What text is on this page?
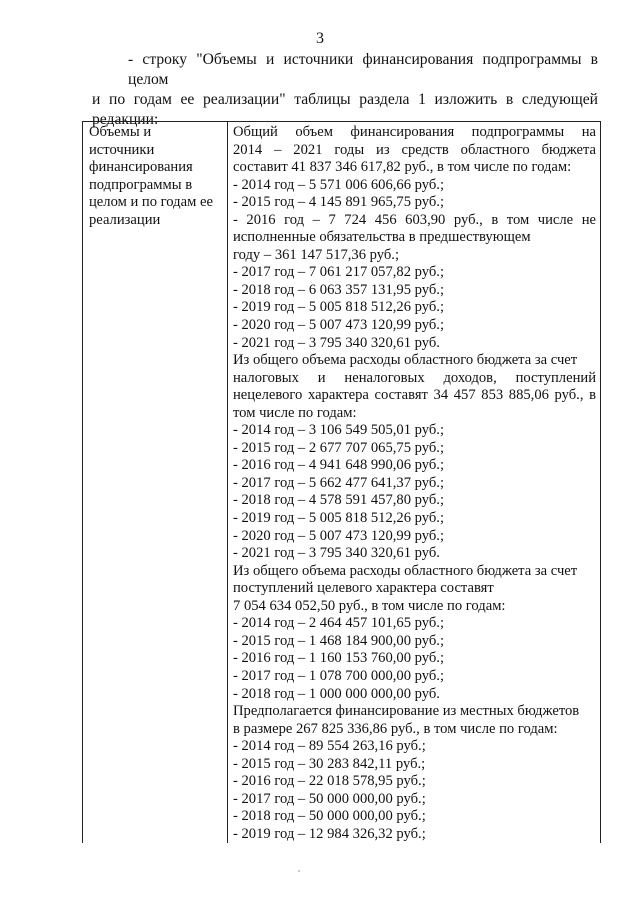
3
- строку "Объемы и источники финансирования подпрограммы в целом
и по годам ее реализации" таблицы раздела 1 изложить в следующей
редакции:
Объемы и
источники
финансирования
подпрограммы в
целом и по годам ее
реализации

Общий объем финансирования подпрограммы на
2014 – 2021 годы из средств областного бюджета
составит 41 837 346 617,82 руб., в том числе по годам:
- 2014 год – 5 571 006 606,66 руб.;
- 2015 год – 4 145 891 965,75 руб.;
- 2016 год – 7 724 456 603,90 руб., в том числе не
исполненные обязательства в предшествующем
году – 361 147 517,36 руб.;
- 2017 год – 7 061 217 057,82 руб.;
- 2018 год – 6 063 357 131,95 руб.;
- 2019 год – 5 005 818 512,26 руб.;
- 2020 год – 5 007 473 120,99 руб.;
- 2021 год – 3 795 340 320,61 руб.
Из общего объема расходы областного бюджета за счет
налоговых и неналоговых доходов, поступлений
нецелевого характера составят 34 457 853 885,06 руб., в
том числе по годам:
- 2014 год – 3 106 549 505,01 руб.;
- 2015 год – 2 677 707 065,75 руб.;
- 2016 год – 4 941 648 990,06 руб.;
- 2017 год – 5 662 477 641,37 руб.;
- 2018 год – 4 578 591 457,80 руб.;
- 2019 год – 5 005 818 512,26 руб.;
- 2020 год – 5 007 473 120,99 руб.;
- 2021 год – 3 795 340 320,61 руб.
Из общего объема расходы областного бюджета за счет
поступлений целевого характера составят
7 054 634 052,50 руб., в том числе по годам:
- 2014 год – 2 464 457 101,65 руб.;
- 2015 год – 1 468 184 900,00 руб.;
- 2016 год – 1 160 153 760,00 руб.;
- 2017 год – 1 078 700 000,00 руб.;
- 2018 год – 1 000 000 000,00 руб.
Предполагается финансирование из местных бюджетов
в размере 267 825 336,86 руб., в том числе по годам:
- 2014 год – 89 554 263,16 руб.;
- 2015 год – 30 283 842,11 руб.;
- 2016 год – 22 018 578,95 руб.;
- 2017 год – 50 000 000,00 руб.;
- 2018 год – 50 000 000,00 руб.;
- 2019 год – 12 984 326,32 руб.;
